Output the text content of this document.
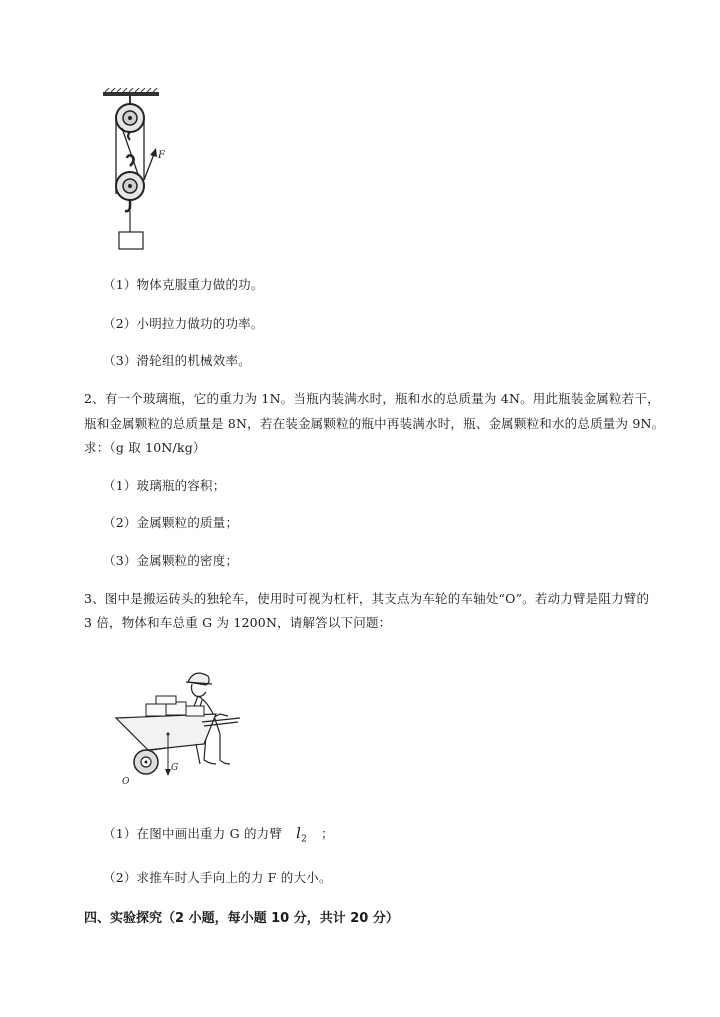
F
（1）物体克服重力做的功。
（2）小明拉力做功的功率。
（3）滑轮组的机械效率。
2、有一个玻璃瓶，它的重力为 1N。当瓶内装满水时，瓶和水的总质量为 4N。用此瓶装金属粒若干，
瓶和金属颗粒的总质量是 8N，若在装金属颗粒的瓶中再装满水时，瓶、金属颗粒和水的总质量为 9N。
求：（g 取 10N/kg）
（1）玻璃瓶的容积；
（2）金属颗粒的质量；
（3）金属颗粒的密度；
3、图中是搬运砖头的独轮车，使用时可视为杠杆，其支点为车轮的车轴处“O”。若动力臂是阻力臂的
3 倍，物体和车总重 G 为 1200N，请解答以下问题：
G
O
（1）在图中画出重力 G 的力臂 $l_2$ ；
（2）求推车时人手向上的力 F 的大小。
四、实验探究（2 小题，每小题 10 分，共计 20 分）
